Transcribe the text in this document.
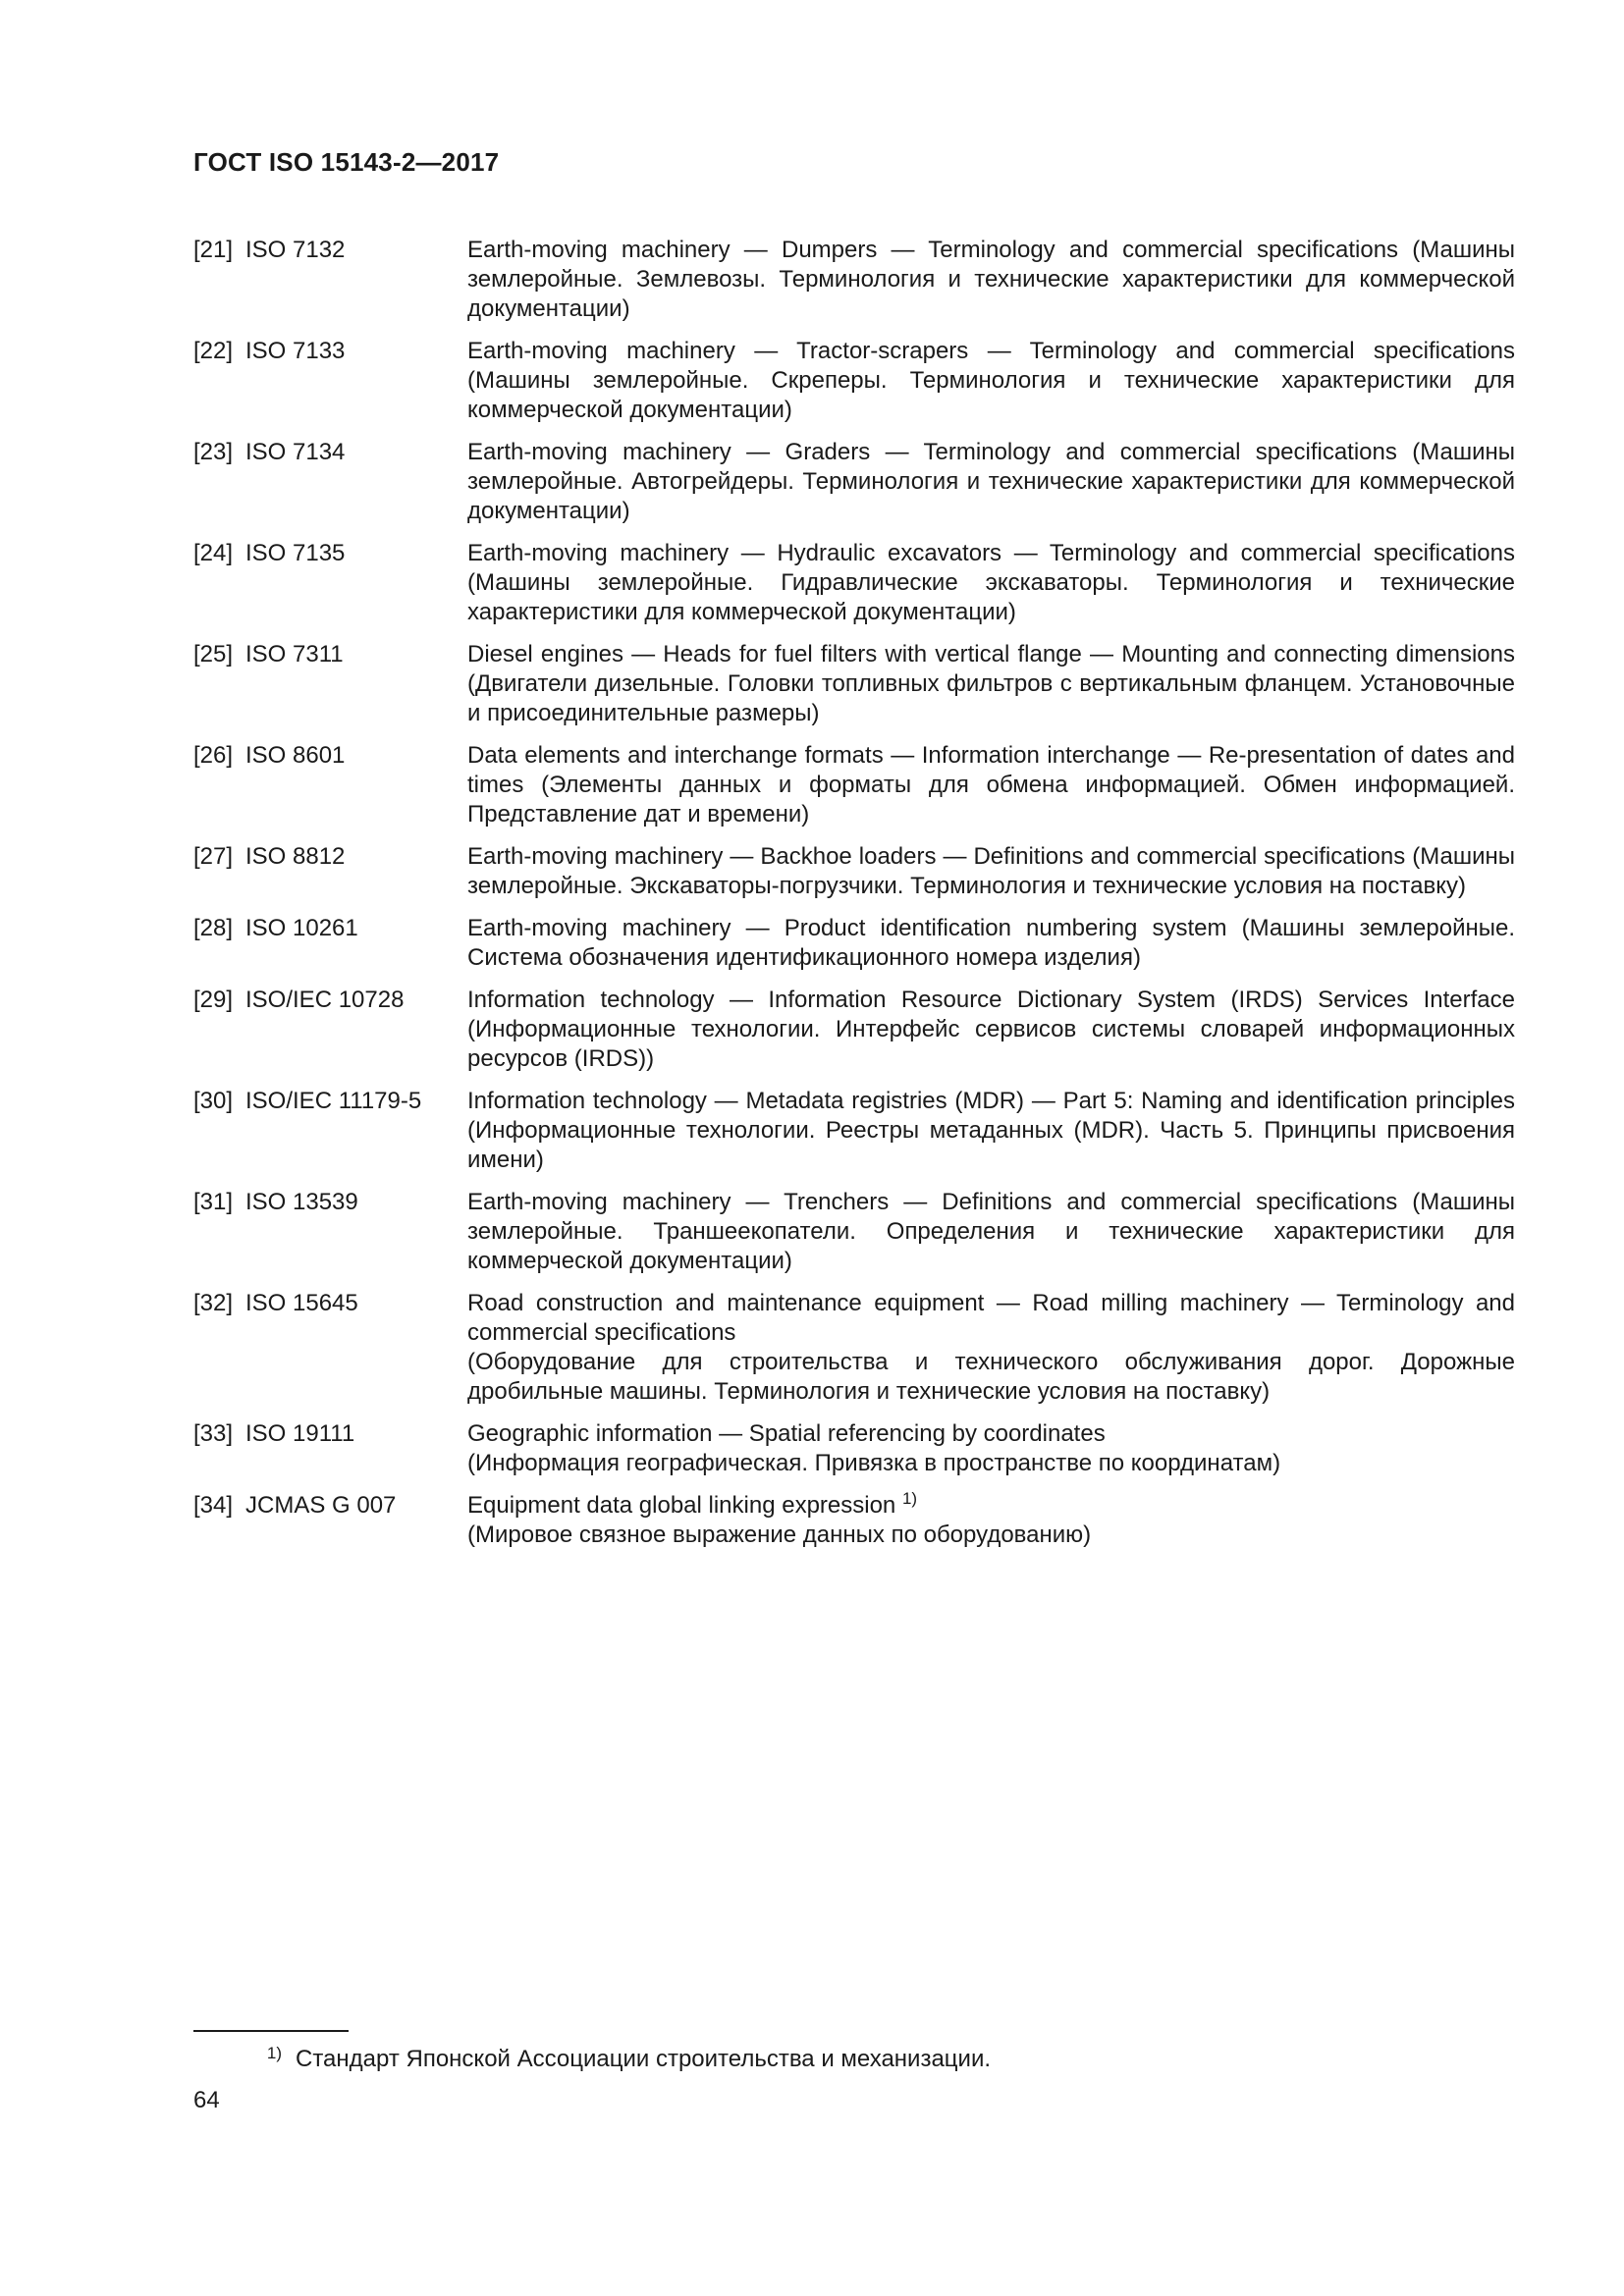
ГОСТ ISO 15143-2—2017
[21] ISO 7132	Earth-moving machinery — Dumpers — Terminology and commercial specifications (Машины землеройные. Землевозы. Терминология и технические характеристики для коммерческой документации)

[22] ISO 7133	Earth-moving machinery — Tractor-scrapers — Terminology and commercial specifications (Машины землеройные. Скреперы. Терминология и технические характеристики для коммерческой документации)

[23] ISO 7134	Earth-moving machinery — Graders — Terminology and commercial specifications (Машины землеройные. Автогрейдеры. Терминология и технические характеристики для коммерческой документации)

[24] ISO 7135	Earth-moving machinery — Hydraulic excavators — Terminology and commercial specifications (Машины землеройные. Гидравлические экскаваторы. Терминология и технические характеристики для коммерческой документации)

[25] ISO 7311	Diesel engines — Heads for fuel filters with vertical flange — Mounting and connecting dimensions (Двигатели дизельные. Головки топливных фильтров с вертикальным фланцем. Установочные и присоединительные размеры)

[26] ISO 8601	Data elements and interchange formats — Information interchange — Re-presentation of dates and times (Элементы данных и форматы для обмена информацией. Обмен информацией. Представление дат и времени)

[27] ISO 8812	Earth-moving machinery — Backhoe loaders — Definitions and commercial specifications (Машины землеройные. Экскаваторы-погрузчики. Терминология и технические условия на поставку)

[28] ISO 10261	Earth-moving machinery — Product identification numbering system (Машины землеройные. Система обозначения идентификационного номера изделия)

[29] ISO/IEC 10728	Information technology — Information Resource Dictionary System (IRDS) Services Interface (Информационные технологии. Интерфейс сервисов системы словарей информационных ресурсов (IRDS))

[30] ISO/IEC 11179-5	Information technology — Metadata registries (MDR) — Part 5: Naming and identification principles (Информационные технологии. Реестры метаданных (MDR). Часть 5. Принципы присвоения имени)

[31] ISO 13539	Earth-moving machinery — Trenchers — Definitions and commercial specifications (Машины землеройные. Траншеекопатели. Определения и технические характеристики для коммерческой документации)

[32] ISO 15645	Road construction and maintenance equipment — Road milling machinery — Terminology and commercial specifications

(Оборудование для строительства и технического обслуживания дорог. Дорожные дробильные машины. Терминология и технические условия на поставку)

[33] ISO 19111	Geographic information — Spatial referencing by coordinates

(Информация географическая. Привязка в пространстве по координатам)

[34] JCMAS G 007	Equipment data global linking expression $^{1)}$

(Мировое связное выражение данных по оборудованию)

1) Стандарт Японской Ассоциации строительства и механизации.
64
